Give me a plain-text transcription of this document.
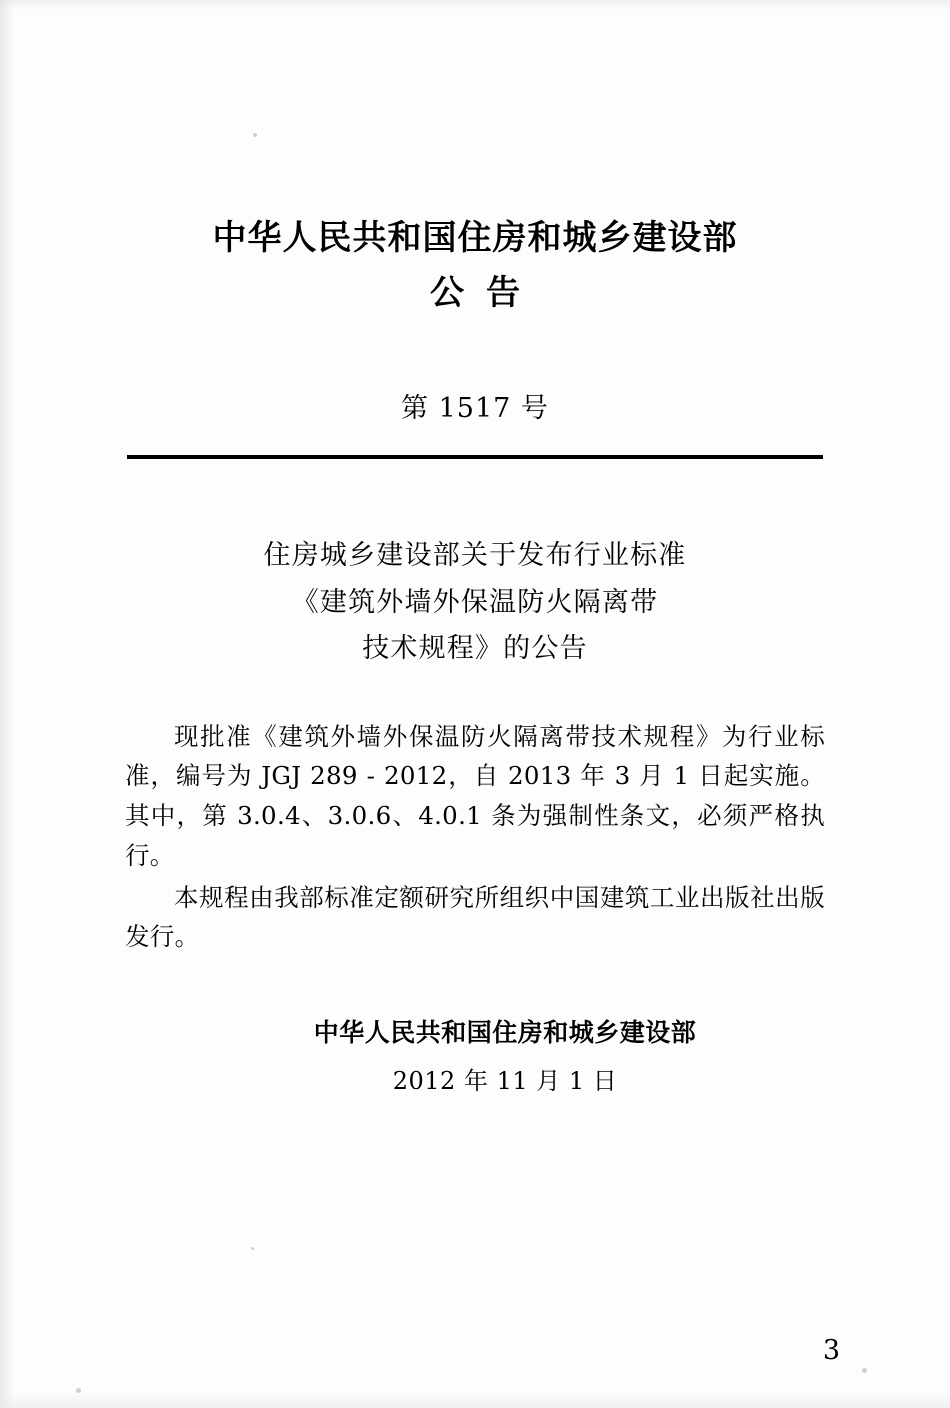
中华人民共和国住房和城乡建设部
公告
第 1517 号
住房城乡建设部关于发布行业标准
《建筑外墙外保温防火隔离带
技术规程》的公告

现批准《建筑外墙外保温防火隔离带技术规程》为行业标准，编号为 JGJ 289 - 2012，自 2013 年 3 月 1 日起实施。其中，第 3.0.4、3.0.6、4.0.1 条为强制性条文，必须严格执行。

本规程由我部标准定额研究所组织中国建筑工业出版社出版发行。

中华人民共和国住房和城乡建设部
2012 年 11 月 1 日
3
